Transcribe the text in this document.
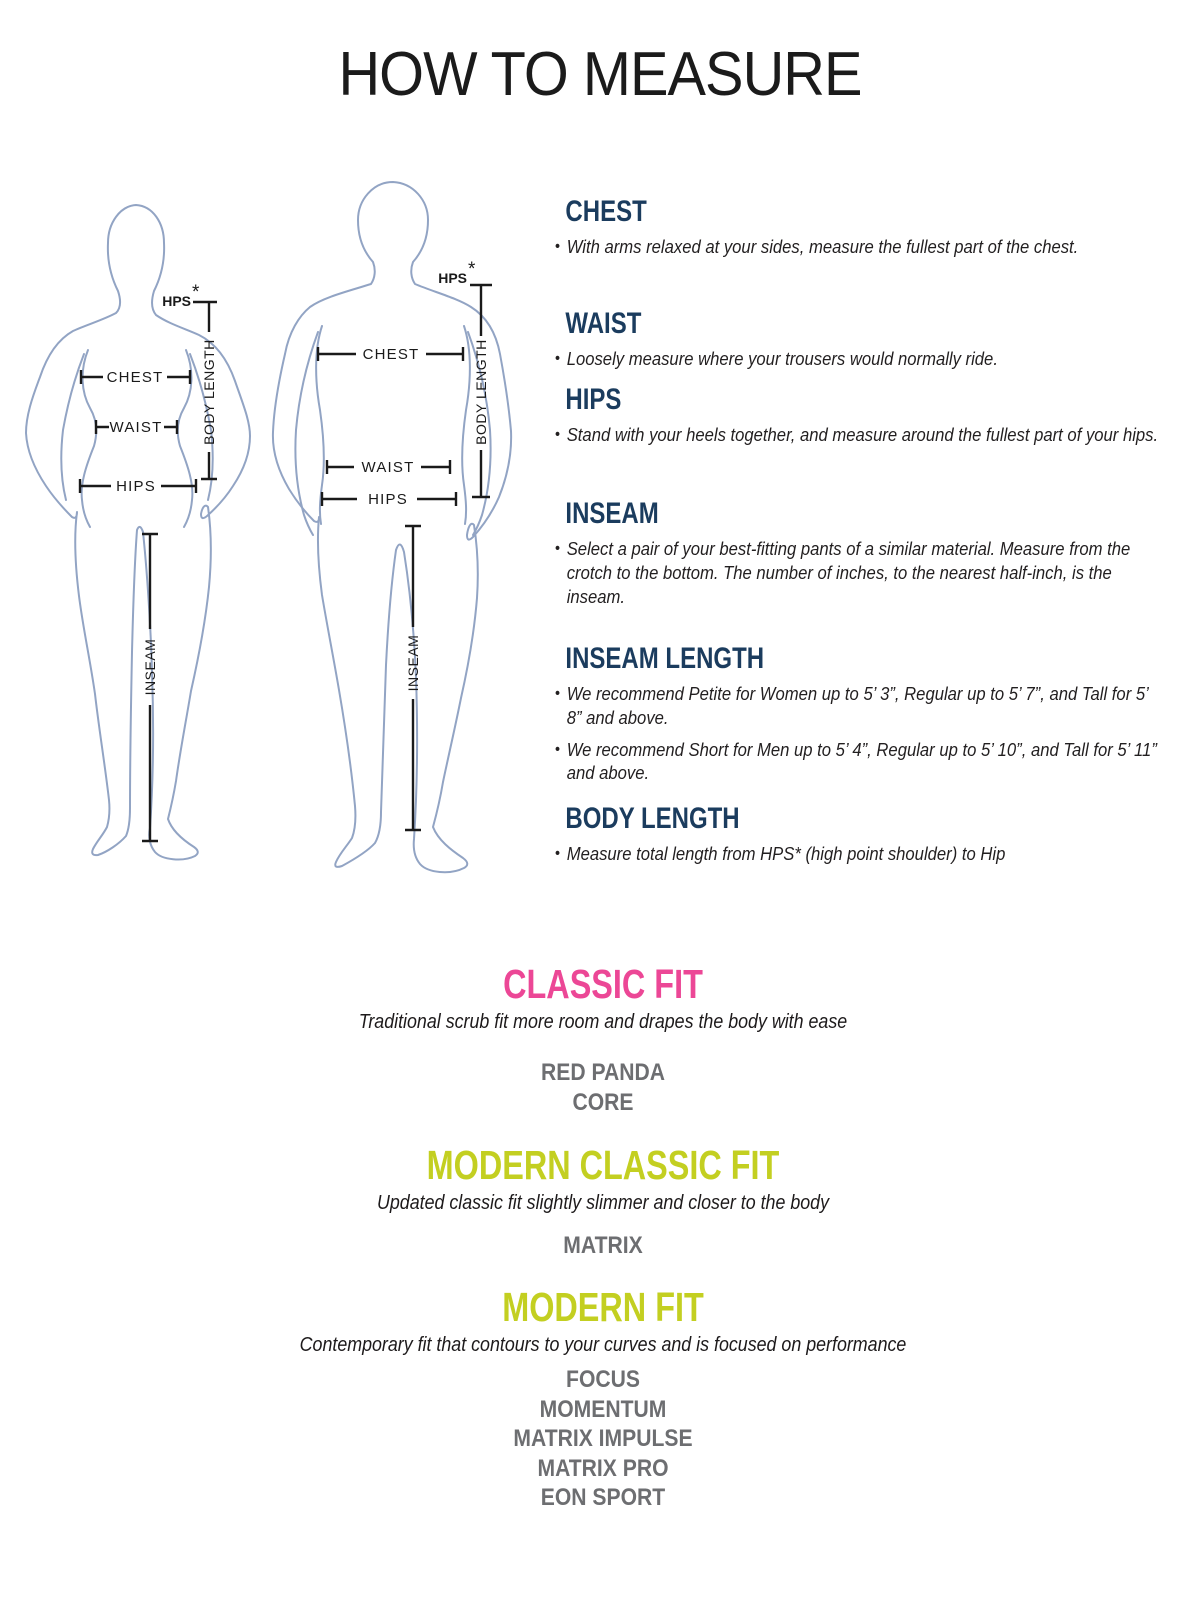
HOW TO MEASURE
HPS *
BODY LENGTH
CHEST
WAIST
HIPS
INSEAM
HPS *
BODY LENGTH
CHEST
WAIST
HIPS
INSEAM
CHEST
• With arms relaxed at your sides, measure the fullest part of the chest.

WAIST
• Loosely measure where your trousers would normally ride.

HIPS
• Stand with your heels together, and measure around the fullest part of your hips.

INSEAM
• Select a pair of your best-fitting pants of a similar material. Measure from the crotch to the bottom. The number of inches, to the nearest half-inch, is the inseam.

INSEAM LENGTH
• We recommend Petite for Women up to 5’ 3”, Regular up to 5’ 7”, and Tall for 5’ 8” and above.

• We recommend Short for Men up to 5’ 4”, Regular up to 5’ 10”, and Tall for 5’ 11” and above.

BODY LENGTH
• Measure total length from HPS* (high point shoulder) to Hip

CLASSIC FIT

Traditional scrub fit more room and drapes the body with ease

RED PANDA
CORE
MODERN CLASSIC FIT

Updated classic fit slightly slimmer and closer to the body

MATRIX
MODERN FIT

Contemporary fit that contours to your curves and is focused on performance

FOCUS
MOMENTUM
MATRIX IMPULSE
MATRIX PRO
EON SPORT
